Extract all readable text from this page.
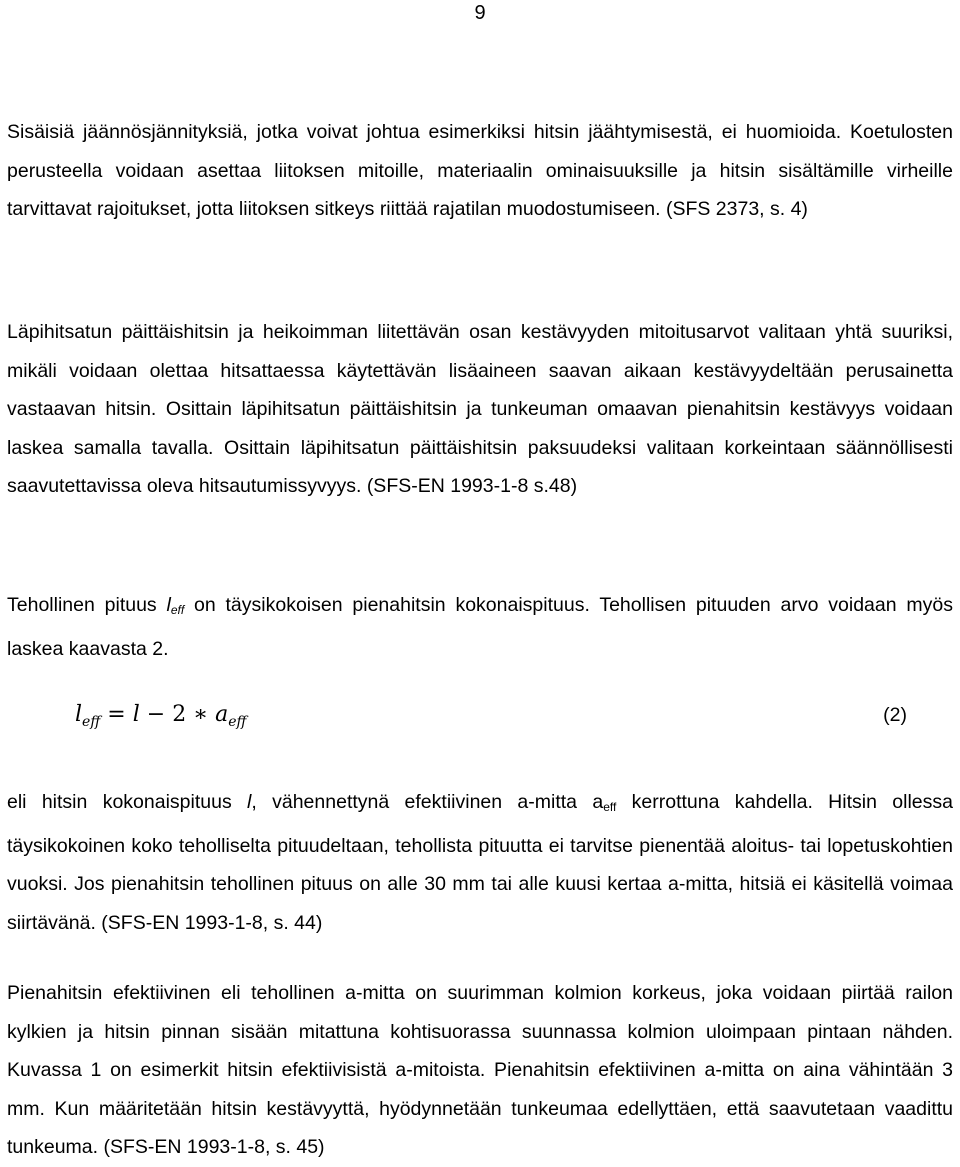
9

Sisäisiä jäännösjännityksiä, jotka voivat johtua esimerkiksi hitsin jäähtymisestä, ei huomioida. Koetulosten perusteella voidaan asettaa liitoksen mitoille, materiaalin ominaisuuksille ja hitsin sisältämille virheille tarvittavat rajoitukset, jotta liitoksen sitkeys riittää rajatilan muodostumiseen. (SFS 2373, s. 4)

Läpihitsatun päittäishitsin ja heikoimman liitettävän osan kestävyyden mitoitusarvot valitaan yhtä suuriksi, mikäli voidaan olettaa hitsattaessa käytettävän lisäaineen saavan aikaan kestävyydeltään perusainetta vastaavan hitsin. Osittain läpihitsatun päittäishitsin ja tunkeuman omaavan pienahitsin kestävyys voidaan laskea samalla tavalla. Osittain läpihitsatun päittäishitsin paksuudeksi valitaan korkeintaan säännöllisesti saavutettavissa oleva hitsautumissyvyys. (SFS-EN 1993-1-8 s.48)

Tehollinen pituus $l_{eff}$ on täysikokoisen pienahitsin kokonaispituus. Tehollisen pituuden arvo voidaan myös laskea kaavasta 2.

$l_{eff} = l - 2$ ∗ $a_{eff}$	(2)

eli hitsin kokonaispituus l, vähennettynä efektiivinen a-mitta $a_{eff}$ kerrottuna kahdella. Hitsin ollessa täysikokoinen koko teholliselta pituudeltaan, tehollista pituutta ei tarvitse pienentää aloitus- tai lopetuskohtien vuoksi. Jos pienahitsin tehollinen pituus on alle 30 mm tai alle kuusi kertaa a-mitta, hitsiä ei käsitellä voimaa siirtävänä. (SFS-EN 1993-1-8, s. 44)

Pienahitsin efektiivinen eli tehollinen a-mitta on suurimman kolmion korkeus, joka voidaan piirtää railon kylkien ja hitsin pinnan sisään mitattuna kohtisuorassa suunnassa kolmion uloimpaan pintaan nähden. Kuvassa 1 on esimerkit hitsin efektiivisistä a-mitoista. Pienahitsin efektiivinen a-mitta on aina vähintään 3 mm. Kun määritetään hitsin kestävyyttä, hyödynnetään tunkeumaa edellyttäen, että saavutetaan vaadittu tunkeuma. (SFS-EN 1993-1-8, s. 45)
